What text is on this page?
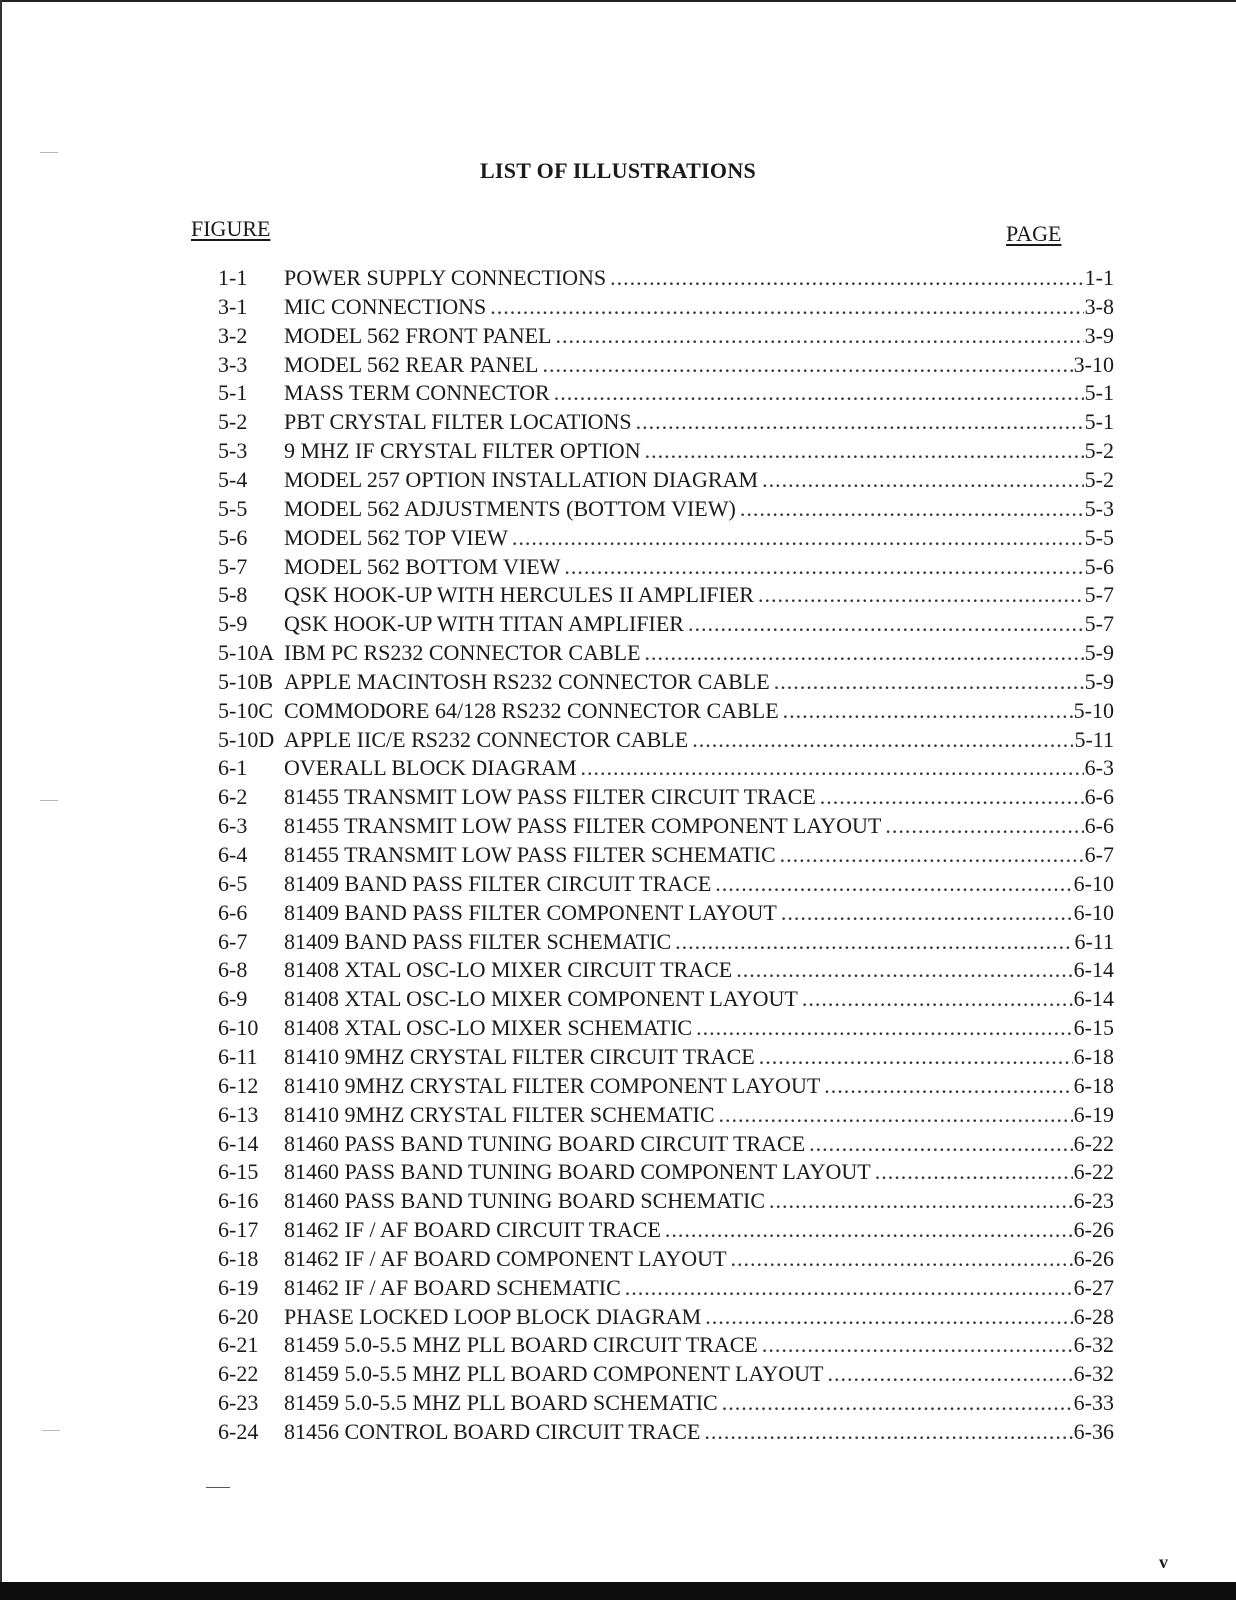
LIST OF ILLUSTRATIONS
FIGURE	PAGE
1-1	POWER SUPPLY CONNECTIONS .....	1-1
3-1	MIC CONNECTIONS .....	3-8
3-2	MODEL 562 FRONT PANEL .....	3-9
3-3	MODEL 562 REAR PANEL .....	3-10
5-1	MASS TERM CONNECTOR .....	5-1
5-2	PBT CRYSTAL FILTER LOCATIONS .....	5-1
5-3	9 MHZ IF CRYSTAL FILTER OPTION .....	5-2
5-4	MODEL 257 OPTION INSTALLATION DIAGRAM .....	5-2
5-5	MODEL 562 ADJUSTMENTS (BOTTOM VIEW) .....	5-3
5-6	MODEL 562 TOP VIEW .....	5-5
5-7	MODEL 562 BOTTOM VIEW .....	5-6
5-8	QSK HOOK-UP WITH HERCULES II AMPLIFIER .....	5-7
5-9	QSK HOOK-UP WITH TITAN AMPLIFIER .....	5-7
5-10A IBM PC RS232 CONNECTOR CABLE .....	5-9
5-10B APPLE MACINTOSH RS232 CONNECTOR CABLE .....	5-9
5-10C COMMODORE 64/128 RS232 CONNECTOR CABLE .....	5-10
5-10D APPLE IIC/E RS232 CONNECTOR CABLE .....	5-11
6-1	OVERALL BLOCK DIAGRAM .....	6-3
6-2	81455 TRANSMIT LOW PASS FILTER CIRCUIT TRACE .....	6-6
6-3	81455 TRANSMIT LOW PASS FILTER COMPONENT LAYOUT .....	6-6
6-4	81455 TRANSMIT LOW PASS FILTER SCHEMATIC .....	6-7
6-5	81409 BAND PASS FILTER CIRCUIT TRACE .....	6-10
6-6	81409 BAND PASS FILTER COMPONENT LAYOUT .....	6-10
6-7	81409 BAND PASS FILTER SCHEMATIC .....	6-11
6-8	81408 XTAL OSC-LO MIXER CIRCUIT TRACE .....	6-14
6-9	81408 XTAL OSC-LO MIXER COMPONENT LAYOUT .....	6-14
6-10	81408 XTAL OSC-LO MIXER SCHEMATIC .....	6-15
6-11	81410 9MHZ CRYSTAL FILTER CIRCUIT TRACE .....	6-18
6-12	81410 9MHZ CRYSTAL FILTER COMPONENT LAYOUT .....	6-18
6-13	81410 9MHZ CRYSTAL FILTER SCHEMATIC .....	6-19
6-14	81460 PASS BAND TUNING BOARD CIRCUIT TRACE .....	6-22
6-15	81460 PASS BAND TUNING BOARD COMPONENT LAYOUT .....	6-22
6-16	81460 PASS BAND TUNING BOARD SCHEMATIC .....	6-23
6-17	81462 IF / AF BOARD CIRCUIT TRACE .....	6-26
6-18	81462 IF / AF BOARD COMPONENT LAYOUT .....	6-26
6-19	81462 IF / AF BOARD SCHEMATIC .....	6-27
6-20	PHASE LOCKED LOOP BLOCK DIAGRAM .....	6-28
6-21	81459 5.0-5.5 MHZ PLL BOARD CIRCUIT TRACE .....	6-32
6-22	81459 5.0-5.5 MHZ PLL BOARD COMPONENT LAYOUT .....	6-32
6-23	81459 5.0-5.5 MHZ PLL BOARD SCHEMATIC .....	6-33
6-24	81456 CONTROL BOARD CIRCUIT TRACE .....	6-36
v
